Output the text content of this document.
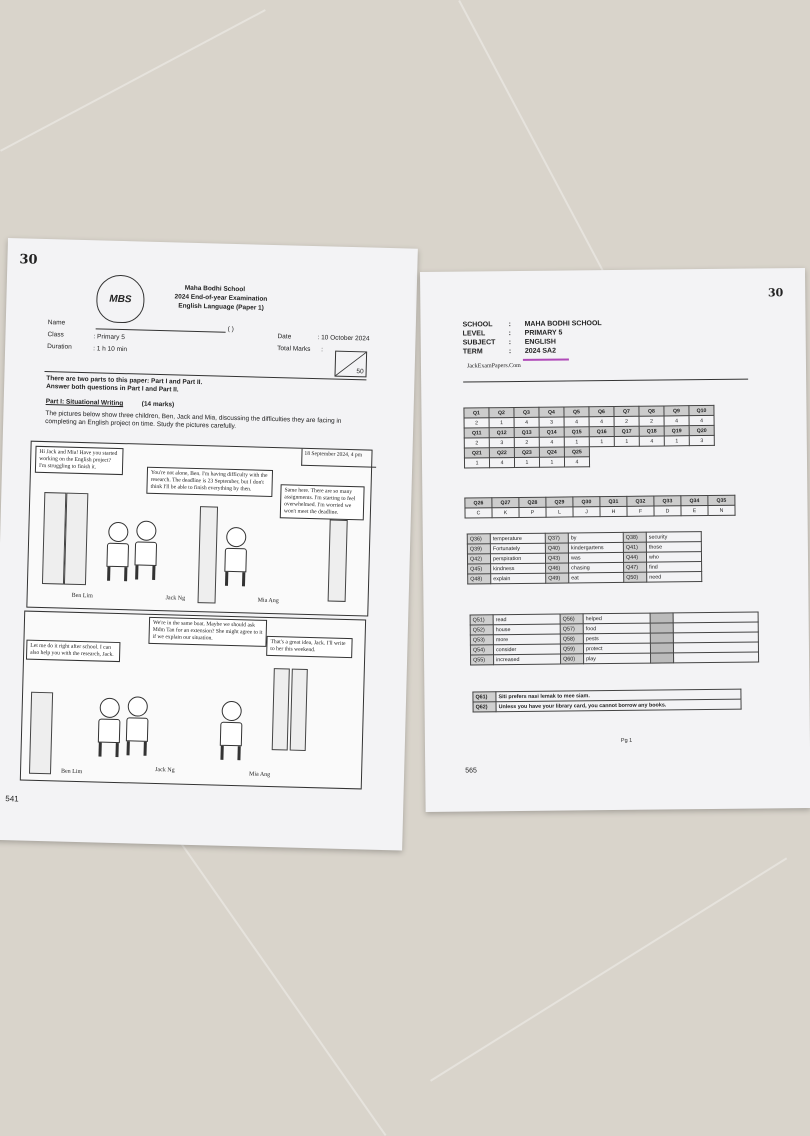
30
MBS
Maha Bodhi School
2024 End-of-year Examination
English Language (Paper 1)
Name
( )
Class	: Primary 5
Duration	: 1 h 10 min
Date	: 10 October 2024
Total Marks :
50
There are two parts to this paper: Part I and Part II.
Answer both questions in Part I and Part II.
Part I: Situational Writing	(14 marks)
The pictures below show three children, Ben, Jack and Mia, discussing the difficulties they are facing in completing an English project on time. Study the pictures carefully.
18 September 2024, 4 pm
Hi Jack and Mia! Have you started working on the English project? I'm struggling to finish it.
You're not alone, Ben. I'm having difficulty with the research. The deadline is 23 September, but I don't think I'll be able to finish everything by then.	Same here. There are so many assignments. I'm starting to feel overwhelmed. I'm worried we won't meet the deadline.
Ben Lim	Jack Ng	Mia Ang
We're in the same boat. Maybe we should ask Mdm Tan for an extension? She might agree to it if we explain our situation.
That's a great idea, Jack. I'll write to her this weekend.
Let me do it right after school. I can also help you with the research, Jack.
Ben Lim	Jack Ng
Mia Ang
541
30
SCHOOL : MAHA BODHI SCHOOL
LEVEL	: PRIMARY 5
SUBJECT : ENGLISH
TERM	: 2024 SA2
JackExamPapers.Com
Q1	Q2	Q3	Q4	Q5	Q6	Q7	Q8	Q9	Q10
2	1	4	3	4	4	2	2	4	4
Q11	Q12	Q13	Q14	Q15	Q16	Q17	Q18	Q19	Q20
2	3	2	4	1	1	1	4	1	3
Q21	Q22	Q23	Q24	Q25					
1	4	1	1	4					
Q26	Q27	Q28	Q29	Q30	Q31	Q32	Q33	Q34	Q35
C	K	P	L	J	H	F	D	E	N
Q36)	temperature	Q37)	by	Q38)	security
Q39)	Fortunately	Q40)	kindergartens	Q41)	those
Q42)	perspiration	Q43)	was	Q44)	who
Q45)	kindness	Q46)	chasing	Q47)	find
Q48)	explain	Q49)	eat	Q50)	need
Q51)	read	Q56)	helped		
Q52)	house	Q57)	food		
Q53)	more	Q58)	pests		
Q54)	consider	Q59)	protect		
Q55)	increased	Q60)	play		
Q61)	Siti prefers nasi lemak to mee siam.
Q62)	Unless you have your library card, you cannot borrow any books.
Pg 1
565
